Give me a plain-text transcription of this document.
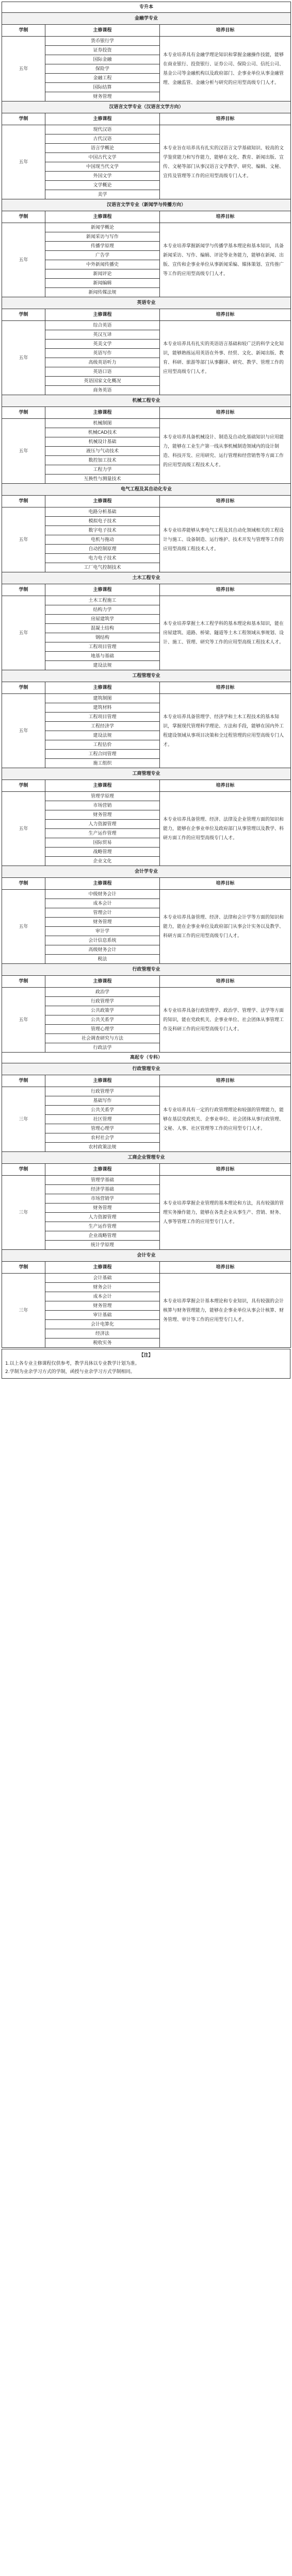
专升本		
金融学专业		
学制	主修课程	培养目标
五年	货币银行学	本专业培养具有金融学理论知识和掌握金融操作技能，能够在商业银行、投资银行、证券公司、保险公司、信托公司、基金公司等金融机构以及政府部门、企事业单位从事金融管理、金融监管、金融分析与研究的应用型高级专门人才。
	证券投资	
	国际金融	
	保险学	
	金融工程	
	国际结算	
	财务管理	
汉语言文学专业（汉语言文学方向）		
学制	主修课程	培养目标
五年	现代汉语	本专业旨在培养具有扎实的汉语言文学基础知识、较高的文学鉴赏能力和写作能力，能够在文化、教育、新闻出版、宣传、文秘等部门从事汉语言文学教学、研究、编辑、文秘、宣传及管理等工作的应用型高级专门人才。
	古代汉语	
	语言学概论	
	中国古代文学	
	中国现当代文学	
	外国文学	
	文学概论	
	美学	
汉语言文学专业（新闻学与传播方向）		
学制	主修课程	培养目标
五年	新闻学概论	本专业培养掌握新闻学与传播学基本理论和基本知识，具备新闻采访、写作、编辑、评论等业务能力，能够在新闻、出版、宣传和企事业单位从事新闻采编、媒体策划、宣传推广等工作的应用型高级专门人才。
	新闻采访与写作	
	传播学原理	
	广告学	
	中外新闻传播史	
	新闻评论	
	新闻编辑	
	新闻传媒法规	
英语专业		
学制	主修课程	培养目标
五年	综合英语	本专业培养具有扎实的英语语言基础和较广泛的科学文化知识，能够熟练运用英语在外事、经贸、文化、新闻出版、教育、科研、旅游等部门从事翻译、研究、教学、管理工作的应用型高级专门人才。
	英汉互译	
	英美文学	
	英语写作	
	高级英语听力	
	英语口语	
	英语国家文化概况	
	商务英语	
机械工程专业		
学制	主修课程	培养目标
五年	机械制图	本专业培养具备机械设计、制造及自动化基础知识与应用能力，能够在工业生产第一线从事机械制造领域内的设计制造、科技开发、应用研究、运行管理和经营销售等方面工作的应用型高级工程技术人才。
	机械CAD技术	
	机械设计基础	
	液压与气动技术	
	数控加工技术	
	工程力学	
	互换性与测量技术	
电气工程及其自动化专业		
学制	主修课程	培养目标
五年	电路分析基础	本专业培养能够从事电气工程及其自动化领域相关的工程设计与施工、设备制造、运行维护、技术开发与管理等工作的应用型高级工程技术人才。
	模拟电子技术	
	数字电子技术	
	电机与拖动	
	自动控制原理	
	电力电子技术	
	工厂电气控制技术	
土木工程专业		
学制	主修课程	培养目标
五年	土木工程施工	本专业培养掌握土木工程学科的基本理论和基本知识，能在房屋建筑、道路、桥梁、隧道等土木工程领域从事规划、设计、施工、管理、研究等工作的应用型高级工程技术人才。
	结构力学	
	房屋建筑学	
	混凝土结构	
	钢结构	
	工程项目管理	
	地基与基础	
	建设法规	
工程管理专业		
学制	主修课程	培养目标
五年	建筑制图	本专业培养具备管理学、经济学和土木工程技术的基本知识，掌握现代管理科学理论、方法和手段，能够在国内外工程建设领域从事项目决策和全过程管理的应用型高级专门人才。
	建筑材料	
	工程项目管理	
	工程经济学	
	建设法规	
	工程估价	
	工程合同管理	
	施工组织	
工商管理专业		
学制	主修课程	培养目标
五年	管理学原理	本专业培养具备管理、经济、法律及企业管理方面的知识和能力，能够在企事业单位及政府部门从事管理以及教学、科研方面工作的应用型高级专门人才。
	市场营销	
	财务管理	
	人力资源管理	
	生产运作管理	
	国际贸易	
	战略管理	
	企业文化	
会计学专业		
学制	主修课程	培养目标
五年	中级财务会计	本专业培养具备管理、经济、法律和会计学等方面的知识和能力，能在企事业单位及政府部门从事会计实务以及教学、科研方面工作的应用型高级专门人才。
	成本会计	
	管理会计	
	财务管理	
	审计学	
	会计信息系统	
	高级财务会计	
	税法	
行政管理专业		
学制	主修课程	培养目标
五年	政治学	本专业培养具备行政管理学、政治学、管理学、法学等方面的知识，能在党政机关、企事业单位、社会团体从事管理工作及科研工作的应用型高级专门人才。
	行政管理学	
	公共政策学	
	公共关系学	
	管理心理学	
	社会调查研究与方法	
	行政法学	
高起专（专科）		
行政管理专业		
学制	主修课程	培养目标
三年	行政管理学	本专业培养具有一定的行政管理理论和较强的管理能力，能够在基层党政机关、企事业单位、社会团体从事行政管理、文秘、人事、社区管理等工作的应用型专门人才。
	基础写作	
	公共关系学	
	社区管理	
	管理心理学	
	农村社会学	
	农村政策法规	
工商企业管理专业		
学制	主修课程	培养目标
三年	管理学基础	本专业培养掌握企业管理的基本理论和方法，具有较强的管理实务操作能力，能够在各类企业从事生产、营销、财务、人事等管理工作的应用型专门人才。
	经济学基础	
	市场营销学	
	财务管理	
	人力资源管理	
	生产运作管理	
	企业战略管理	
	统计学原理	
会计专业		
学制	主修课程	培养目标
三年	会计基础	本专业培养掌握会计基本理论和专业知识，具有较强的会计核算与财务管理能力，能够在企事业单位从事会计核算、财务管理、审计等工作的应用型专门人才。
	财务会计	
	成本会计	
	财务管理	
	审计基础	
	会计电算化	
	经济法	
	税收实务	
【注】
1.以上各专业主修课程仅供参考，教学具体以专业教学计划为准。
2.学制为业余学习方式的学制，函授与业余学习方式学制相同。
